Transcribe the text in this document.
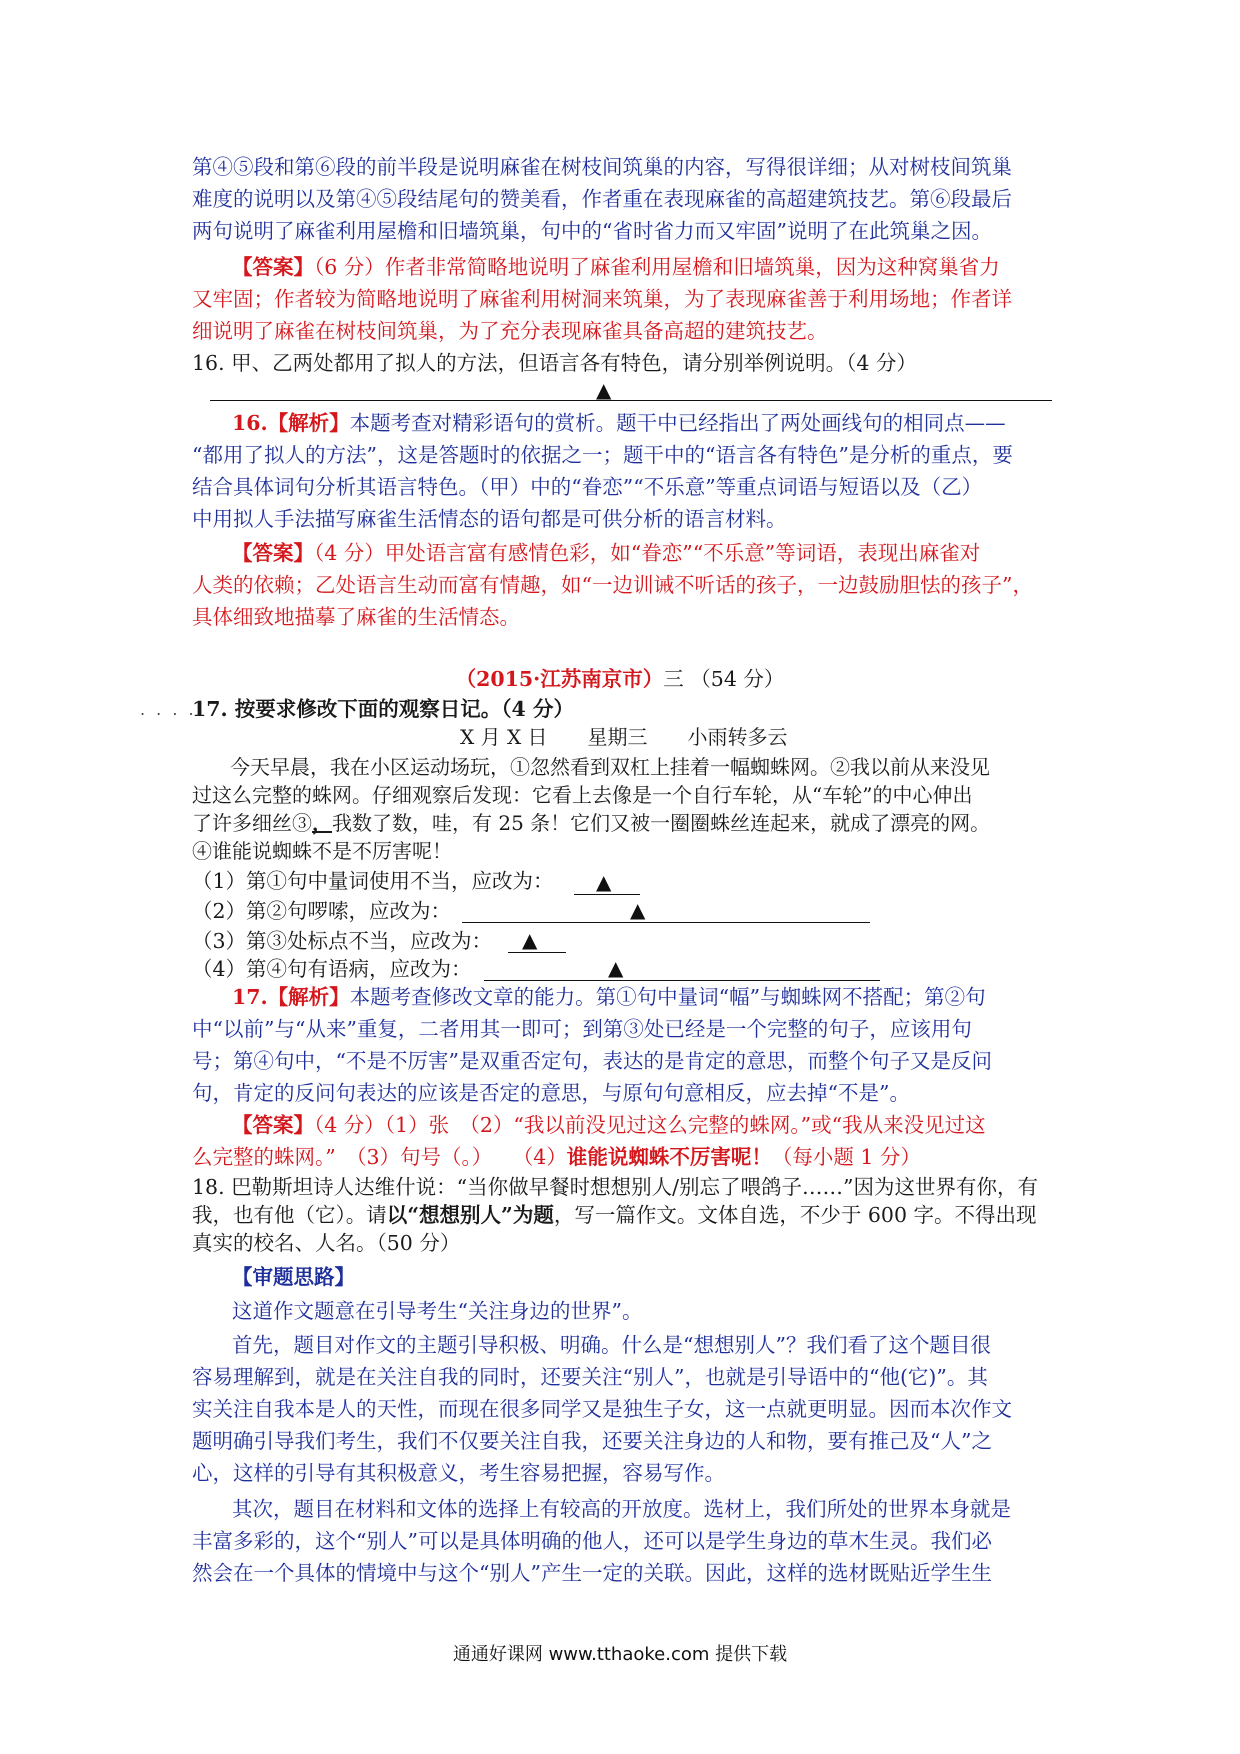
第④⑤段和第⑥段的前半段是说明麻雀在树枝间筑巢的内容，写得很详细；从对树枝间筑巢
难度的说明以及第④⑤段结尾句的赞美看，作者重在表现麻雀的高超建筑技艺。第⑥段最后
两句说明了麻雀利用屋檐和旧墙筑巢，句中的“省时省力而又牢固”说明了在此筑巢之因。
【答案】（6 分）作者非常简略地说明了麻雀利用屋檐和旧墙筑巢，因为这种窝巢省力
又牢固；作者较为简略地说明了麻雀利用树洞来筑巢，为了表现麻雀善于利用场地；作者详
细说明了麻雀在树枝间筑巢，为了充分表现麻雀具备高超的建筑技艺。
16. 甲、乙两处都用了拟人的方法，但语言各有特色，请分别举例说明。（4 分）
▲
16.【解析】本题考查对精彩语句的赏析。题干中已经指出了两处画线句的相同点——
“都用了拟人的方法”，这是答题时的依据之一；题干中的“语言各有特色”是分析的重点，要
结合具体词句分析其语言特色。（甲）中的“眷恋”“不乐意”等重点词语与短语以及（乙）
中用拟人手法描写麻雀生活情态的语句都是可供分析的语言材料。
【答案】（4 分）甲处语言富有感情色彩，如“眷恋”“不乐意”等词语，表现出麻雀对
人类的依赖；乙处语言生动而富有情趣，如“一边训诫不听话的孩子，一边鼓励胆怯的孩子”，
具体细致地描摹了麻雀的生活情态。
（2015·江苏南京市）三 （54 分）
. . . .
17. 按要求修改下面的观察日记。（4 分）
X 月 X 日　　星期三　　小雨转多云
今天早晨，我在小区运动场玩，①忽然看到双杠上挂着一幅蜘蛛网。②我以前从来没见
过这么完整的蛛网。仔细观察后发现：它看上去像是一个自行车轮，从“车轮”的中心伸出
了许多细丝③，我数了数，哇，有 25 条！它们又被一圈圈蛛丝连起来，就成了漂亮的网。
④谁能说蜘蛛不是不厉害呢！
（1）第①句中量词使用不当，应改为： ▲
（2）第②句啰嗦，应改为：	▲
（3）第③处标点不当，应改为： ▲
（4）第④句有语病，应改为：	▲
17.【解析】本题考查修改文章的能力。第①句中量词“幅”与蜘蛛网不搭配；第②句
中“以前”与“从来”重复，二者用其一即可；到第③处已经是一个完整的句子，应该用句
号；第④句中，“不是不厉害”是双重否定句，表达的是肯定的意思，而整个句子又是反问
句，肯定的反问句表达的应该是否定的意思，与原句句意相反，应去掉“不是”。
【答案】（4 分）（1）张　（2）“我以前没见过这么完整的蛛网。”或“我从来没见过这
么完整的蛛网。”　（3）句号（。）　　（4）谁能说蜘蛛不厉害呢！（每小题 1 分）
18. 巴勒斯坦诗人达维什说：“当你做早餐时想想别人/别忘了喂鸽子……”因为这世界有你，有
我，也有他（它）。请以“想想别人”为题，写一篇作文。文体自选，不少于 600 字。不得出现
真实的校名、人名。（50 分）
【审题思路】
这道作文题意在引导考生“关注身边的世界”。
首先，题目对作文的主题引导积极、明确。什么是“想想别人”？我们看了这个题目很
容易理解到，就是在关注自我的同时，还要关注“别人”，也就是引导语中的“他(它)”。其
实关注自我本是人的天性，而现在很多同学又是独生子女，这一点就更明显。因而本次作文
题明确引导我们考生，我们不仅要关注自我，还要关注身边的人和物，要有推己及“人”之
心，这样的引导有其积极意义，考生容易把握，容易写作。
其次，题目在材料和文体的选择上有较高的开放度。选材上，我们所处的世界本身就是
丰富多彩的，这个“别人”可以是具体明确的他人，还可以是学生身边的草木生灵。我们必
然会在一个具体的情境中与这个“别人”产生一定的关联。因此，这样的选材既贴近学生生
通通好课网 www.tthaoke.com 提供下载
